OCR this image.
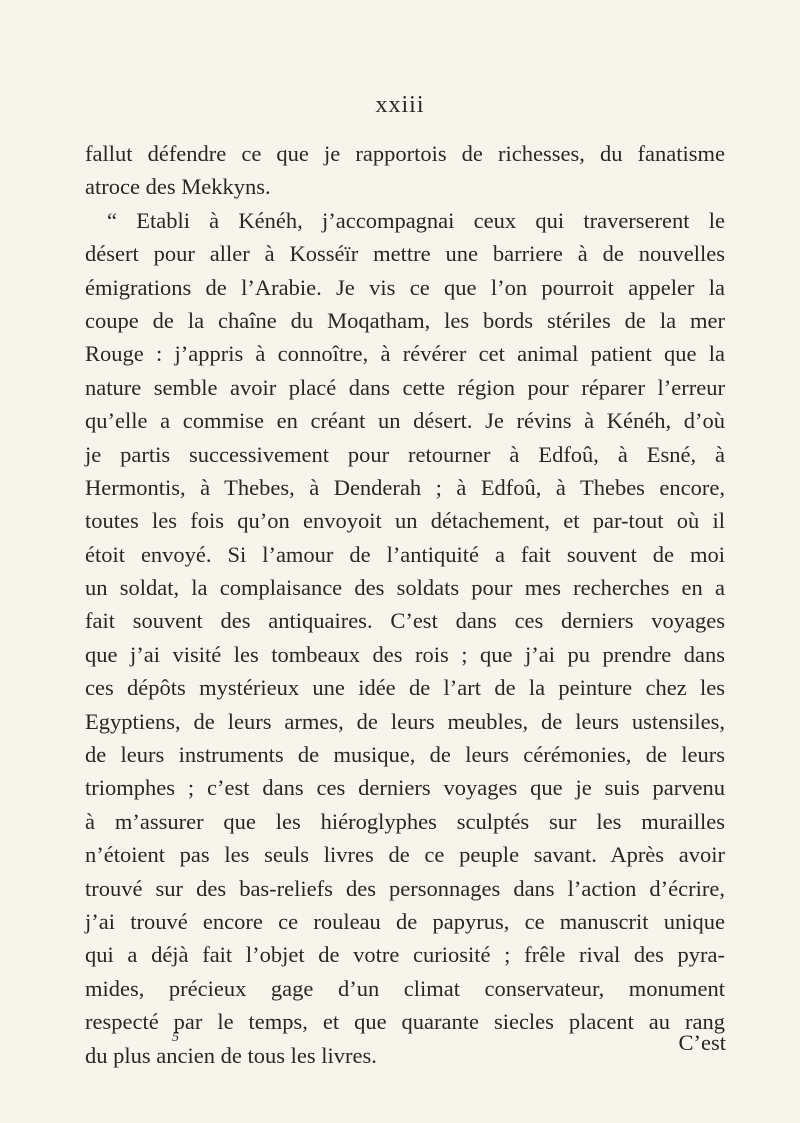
xxiii
fallut défendre ce que je rapportois de richesses, du fanatisme
atroce des Mekkyns.
“ Etabli à Kénéh, j’accompagnai ceux qui traverserent le
désert pour aller à Kosséïr mettre une barriere à de nouvelles
émigrations de l’Arabie. Je vis ce que l’on pourroit appeler la
coupe de la chaîne du Moqatham, les bords stériles de la mer
Rouge : j’appris à connoître, à révérer cet animal patient que la
nature semble avoir placé dans cette région pour réparer l’erreur
qu’elle a commise en créant un désert. Je révins à Kénéh, d’où
je partis successivement pour retourner à Edfoû, à Esné, à
Hermontis, à Thebes, à Denderah ; à Edfoû, à Thebes encore,
toutes les fois qu’on envoyoit un détachement, et par-tout où il
étoit envoyé. Si l’amour de l’antiquité a fait souvent de moi
un soldat, la complaisance des soldats pour mes recherches en a
fait souvent des antiquaires. C’est dans ces derniers voyages
que j’ai visité les tombeaux des rois ; que j’ai pu prendre dans
ces dépôts mystérieux une idée de l’art de la peinture chez les
Egyptiens, de leurs armes, de leurs meubles, de leurs ustensiles,
de leurs instruments de musique, de leurs cérémonies, de leurs
triomphes ; c’est dans ces derniers voyages que je suis parvenu
à m’assurer que les hiéroglyphes sculptés sur les murailles
n’étoient pas les seuls livres de ce peuple savant. Après avoir
trouvé sur des bas-reliefs des personnages dans l’action d’écrire,
j’ai trouvé encore ce rouleau de papyrus, ce manuscrit unique
qui a déjà fait l’objet de votre curiosité ; frêle rival des pyra-
mides, précieux gage d’un climat conservateur, monument
respecté par le temps, et que quarante siecles placent au rang
du plus ancien de tous les livres.
5	C’est
